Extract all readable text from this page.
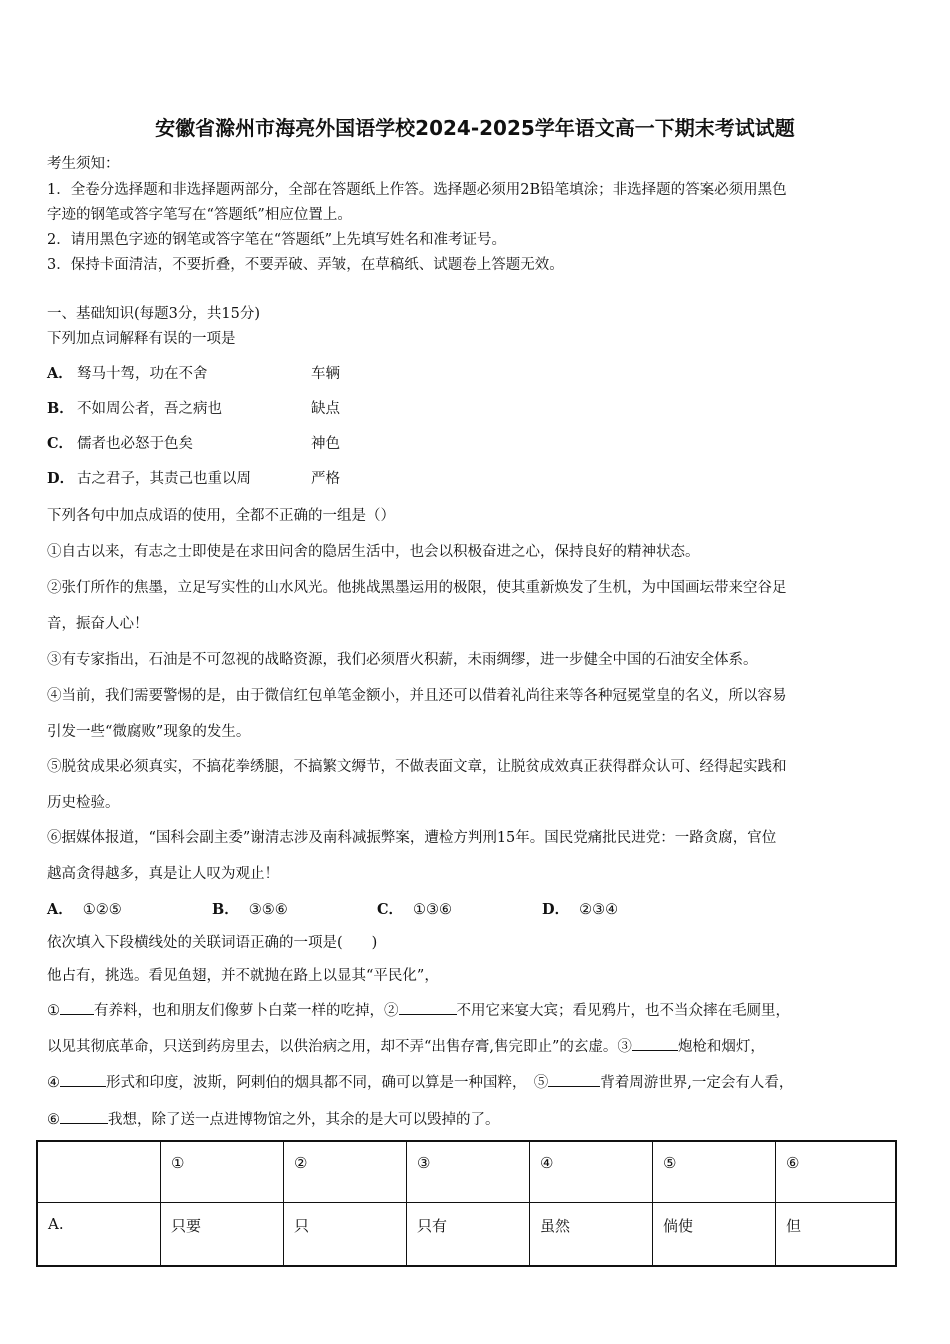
安徽省滁州市海亮外国语学校2024-2025学年语文高一下期末考试试题
考生须知：
1．全卷分选择题和非选择题两部分，全部在答题纸上作答。选择题必须用2B铅笔填涂；非选择题的答案必须用黑色
字迹的钢笔或答字笔写在“答题纸”相应位置上。
2．请用黑色字迹的钢笔或答字笔在“答题纸”上先填写姓名和准考证号。
3．保持卡面清洁，不要折叠，不要弄破、弄皱，在草稿纸、试题卷上答题无效。
一、基础知识(每题3分，共15分)
下列加点词解释有误的一项是
A． 驽马十驾，功在不舍	车辆
B． 不如周公者，吾之病也	缺点
C． 儒者也必怒于色矣	神色
D． 古之君子，其责己也重以周	严格
下列各句中加点成语的使用，全都不正确的一组是（）
①自古以来，有志之士即使是在求田问舍的隐居生活中，也会以积极奋进之心，保持良好的精神状态。
②张仃所作的焦墨，立足写实性的山水风光。他挑战黑墨运用的极限，使其重新焕发了生机，为中国画坛带来空谷足
音，振奋人心！
③有专家指出，石油是不可忽视的战略资源，我们必须厝火积薪，未雨绸缪，进一步健全中国的石油安全体系。
④当前，我们需要警惕的是，由于微信红包单笔金额小，并且还可以借着礼尚往来等各种冠冕堂皇的名义，所以容易
引发一些“微腐败”现象的发生。
⑤脱贫成果必须真实，不搞花拳绣腿，不搞繁文缛节，不做表面文章，让脱贫成效真正获得群众认可、经得起实践和
历史检验。
⑥据媒体报道，“国科会副主委”谢清志涉及南科减振弊案，遭检方判刑15年。国民党痛批民进党：一路贪腐，官位
越高贪得越多，真是让人叹为观止！
A． ①②⑤	B． ③⑤⑥	C． ①③⑥	D． ②③④
依次填入下段横线处的关联词语正确的一项是(　　)
他占有，挑选。看见鱼翅，并不就抛在路上以显其“平民化”，
① 有养料，也和朋友们像萝卜白菜一样的吃掉，②	不用它来宴大宾；看见鸦片，也不当众摔在毛厕里，
以见其彻底革命，只送到药房里去，以供治病之用，却不弄“出售存膏,售完即止”的玄虚。③	炮枪和烟灯，
④	形式和印度，波斯，阿剌伯的烟具都不同，确可以算是一种国粹，　⑤	背着周游世界,一定会有人看，
⑥	我想，除了送一点进博物馆之外，其余的是大可以毁掉的了。
	①	②	③	④	⑤	⑥
A.	只要	只	只有	虽然	倘使	但
